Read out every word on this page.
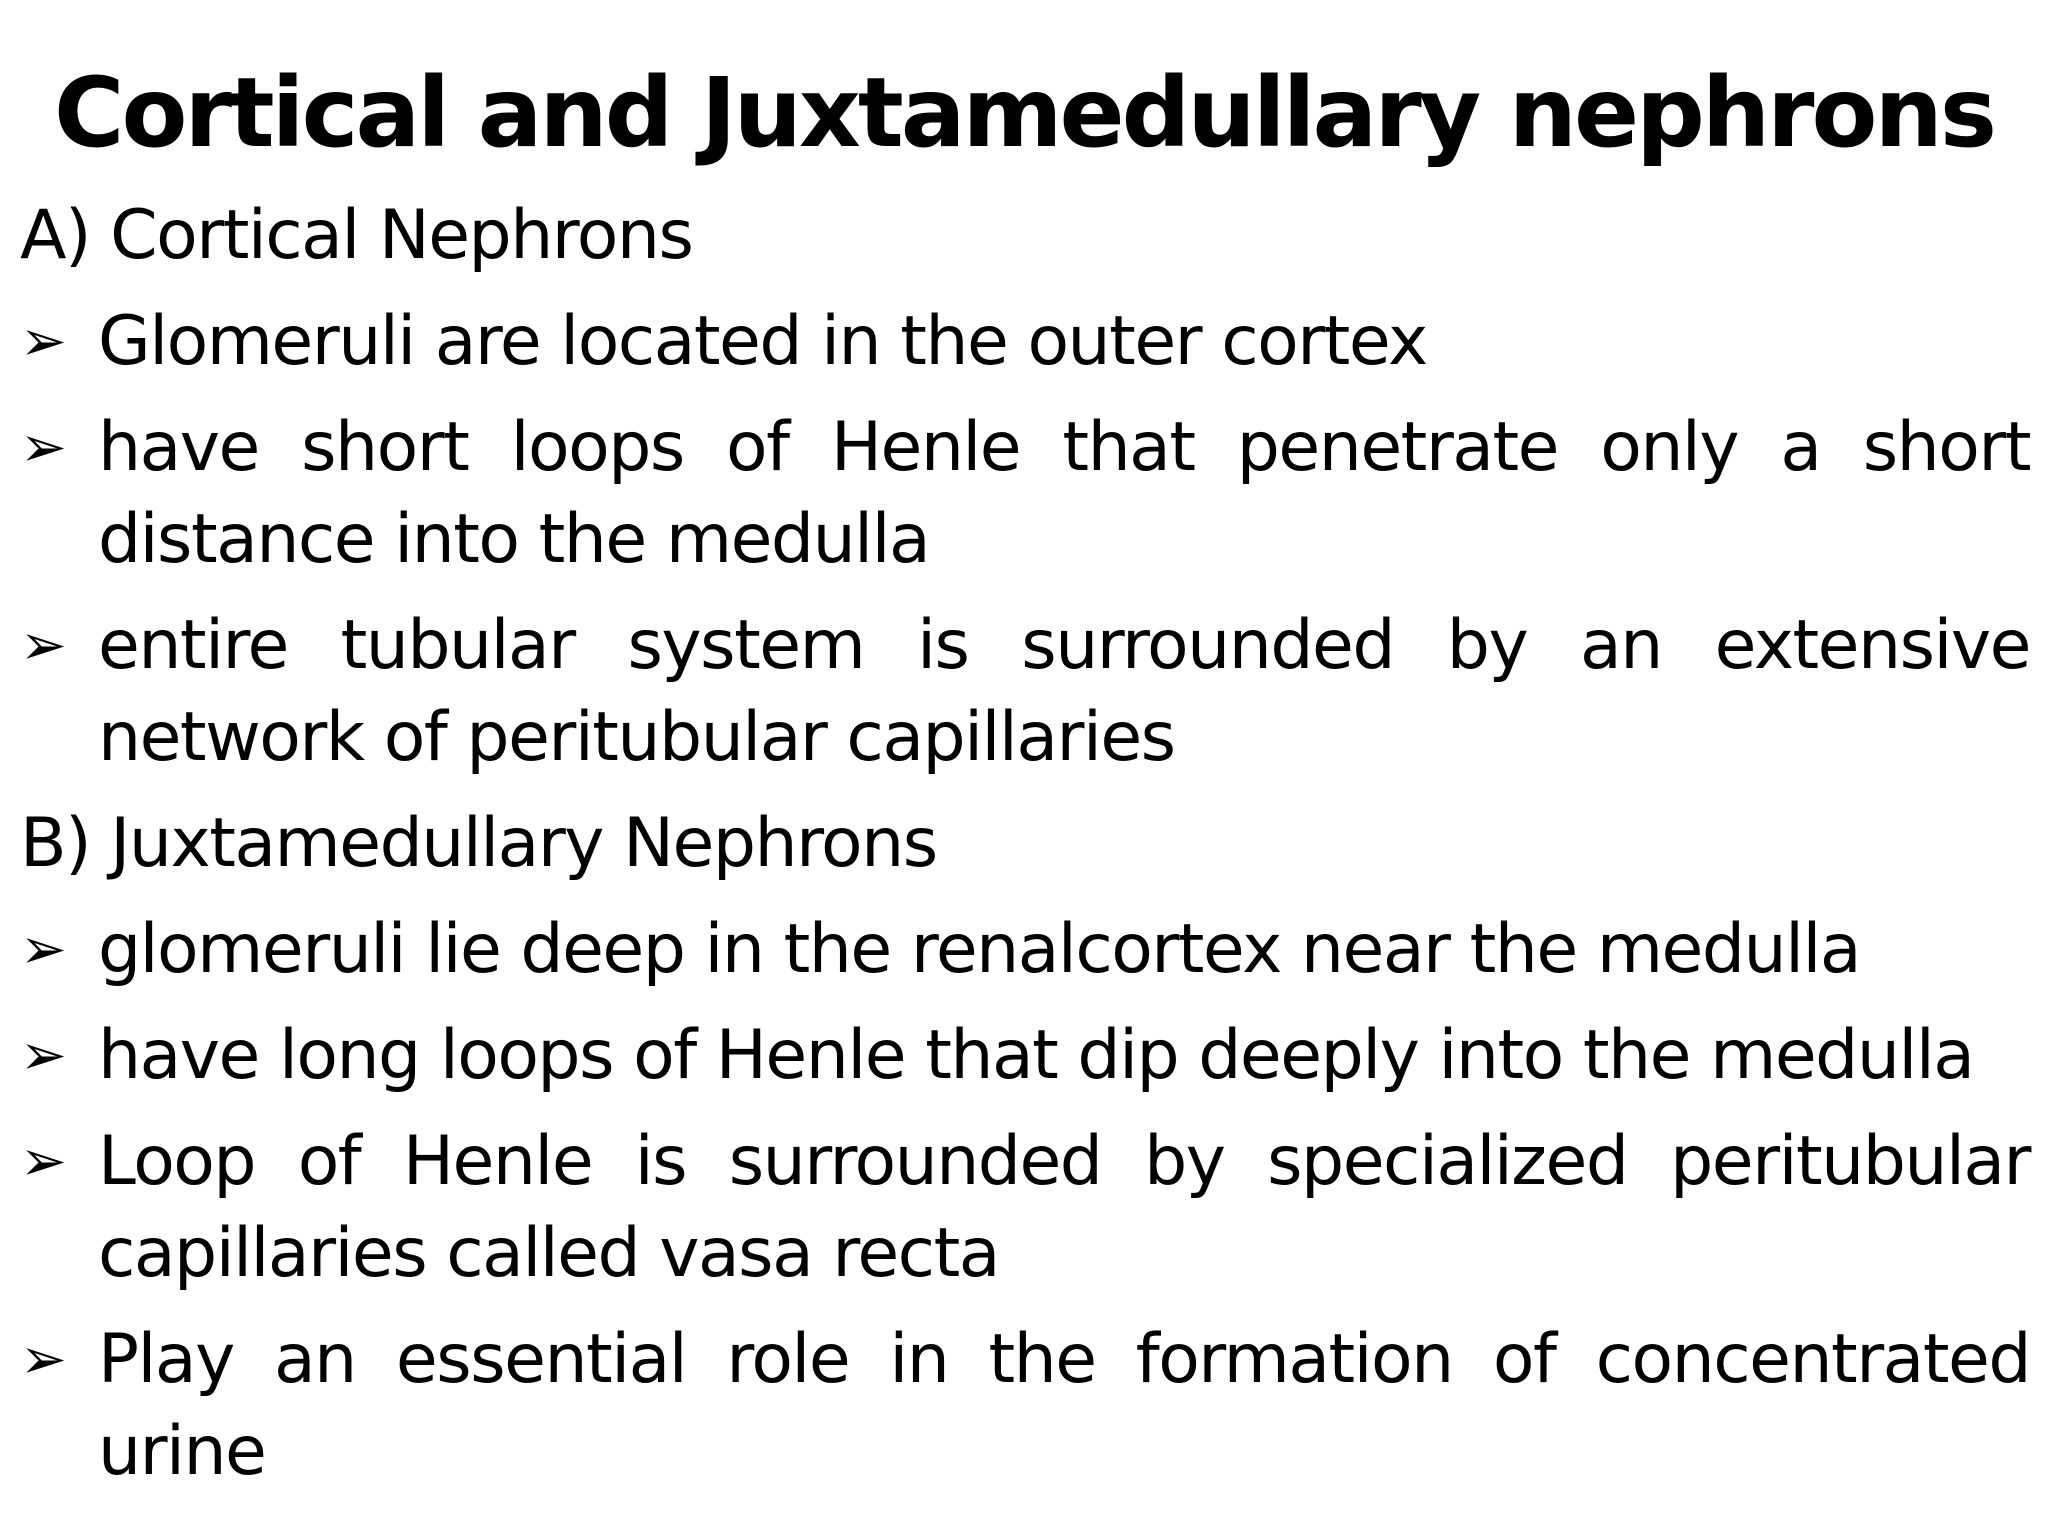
Cortical and Juxtamedullary nephrons
A) Cortical Nephrons
➢ Glomeruli are located in the outer cortex
➢ have short loops of Henle that penetrate only a short distance into the medulla
➢ entire tubular system is surrounded by an extensive network of peritubular capillaries
B) Juxtamedullary Nephrons
➢ glomeruli lie deep in the renalcortex near the medulla
➢ have long loops of Henle that dip deeply into the medulla
➢ Loop of Henle is surrounded by specialized peritubular capillaries called vasa recta
➢ Play an essential role in the formation of concentrated urine
